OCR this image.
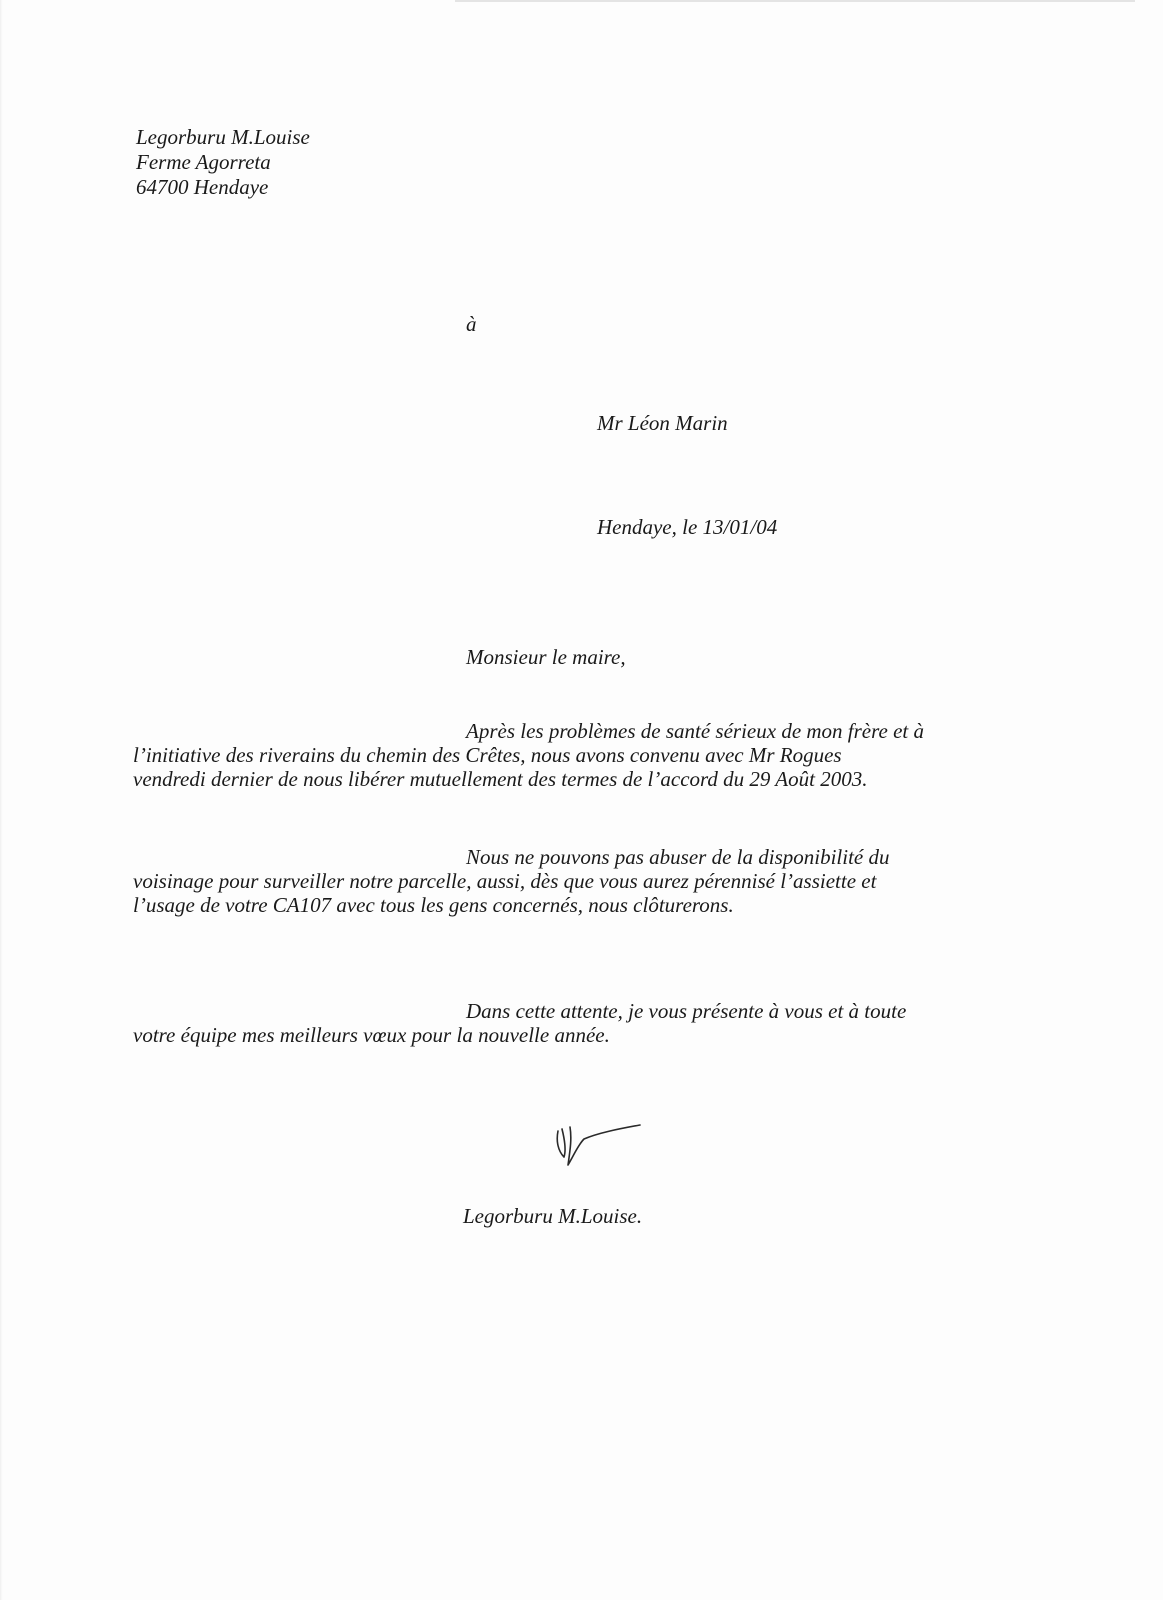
Legorburu M.Louise
Ferme Agorreta
64700 Hendaye
à
Mr Léon Marin
Hendaye, le 13/01/04
Monsieur le maire,
Après les problèmes de santé sérieux de mon frère et à
l’initiative des riverains du chemin des Crêtes, nous avons convenu avec Mr Rogues
vendredi dernier de nous libérer mutuellement des termes de l’accord du 29 Août 2003.
Nous ne pouvons pas abuser de la disponibilité du
voisinage pour surveiller notre parcelle, aussi, dès que vous aurez pérennisé l’assiette et
l’usage de votre CA107 avec tous les gens concernés, nous clôturerons.
Dans cette attente, je vous présente à vous et à toute
votre équipe mes meilleurs vœux pour la nouvelle année.
Legorburu M.Louise.
